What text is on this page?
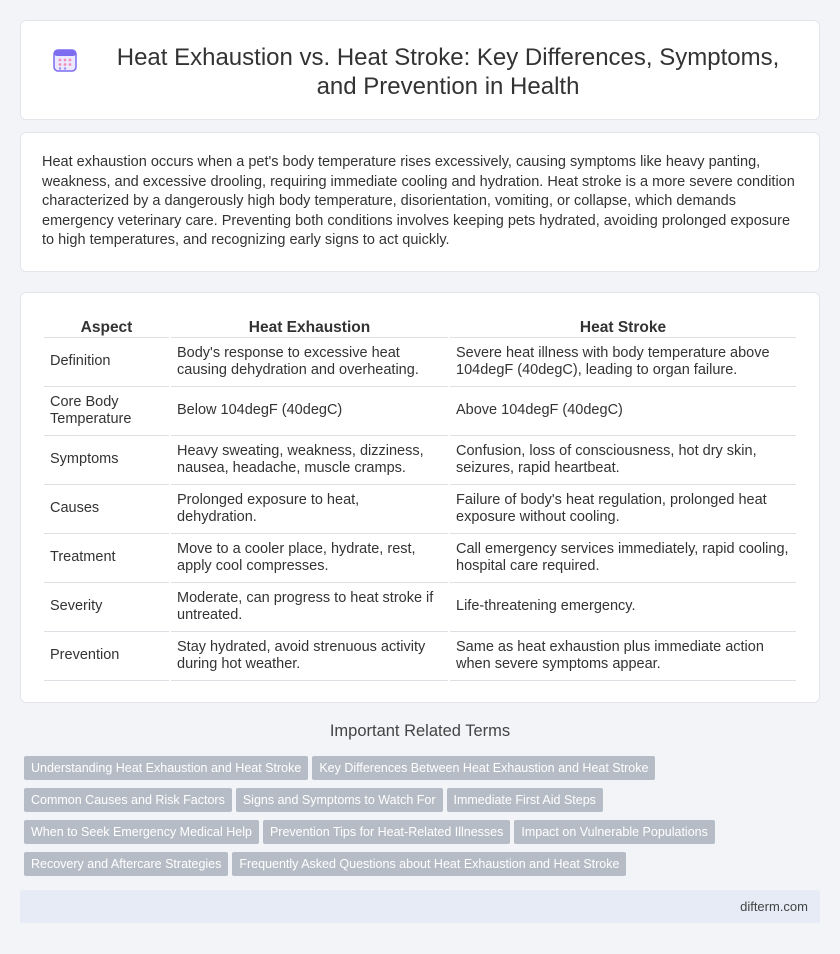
Heat Exhaustion vs. Heat Stroke: Key Differences, Symptoms, and Prevention in Health

Heat exhaustion occurs when a pet's body temperature rises excessively, causing symptoms like heavy panting, weakness, and excessive drooling, requiring immediate cooling and hydration. Heat stroke is a more severe condition characterized by a dangerously high body temperature, disorientation, vomiting, or collapse, which demands emergency veterinary care. Preventing both conditions involves keeping pets hydrated, avoiding prolonged exposure to high temperatures, and recognizing early signs to act quickly.

Aspect	Heat Exhaustion	Heat Stroke
Definition	Body's response to excessive heat causing dehydration and overheating.	Severe heat illness with body temperature above 104degF (40degC), leading to organ failure.
Core Body Temperature	Below 104degF (40degC)	Above 104degF (40degC)
Symptoms	Heavy sweating, weakness, dizziness, nausea, headache, muscle cramps.	Confusion, loss of consciousness, hot dry skin, seizures, rapid heartbeat.
Causes	Prolonged exposure to heat, dehydration.	Failure of body's heat regulation, prolonged heat exposure without cooling.
Treatment	Move to a cooler place, hydrate, rest, apply cool compresses.	Call emergency services immediately, rapid cooling, hospital care required.
Severity	Moderate, can progress to heat stroke if untreated.	Life-threatening emergency.
Prevention	Stay hydrated, avoid strenuous activity during hot weather.	Same as heat exhaustion plus immediate action when severe symptoms appear.
Important Related Terms
Understanding Heat Exhaustion and Heat Stroke Key Differences Between Heat Exhaustion and Heat Stroke
Common Causes and Risk Factors Signs and Symptoms to Watch For Immediate First Aid Steps
When to Seek Emergency Medical Help Prevention Tips for Heat-Related Illnesses Impact on Vulnerable Populations
Recovery and Aftercare Strategies Frequently Asked Questions about Heat Exhaustion and Heat Stroke
difterm.com
